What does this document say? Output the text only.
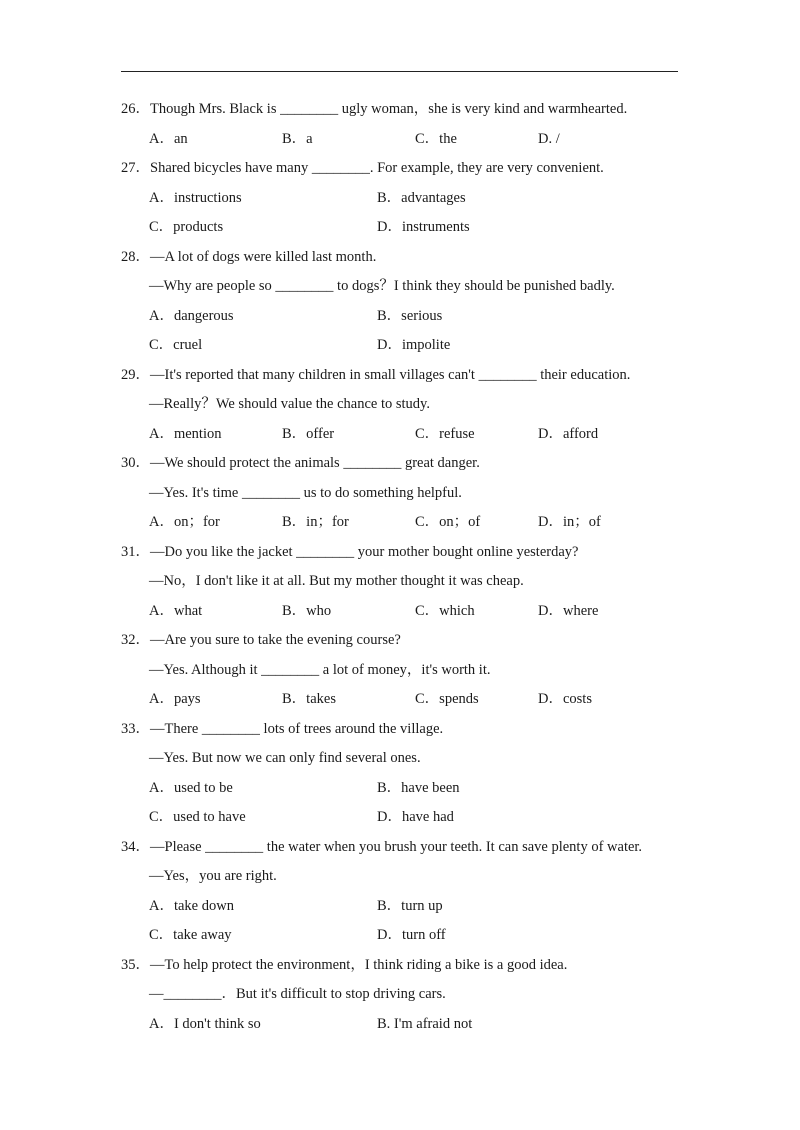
26．Though Mrs. Black is ________ ugly woman，she is very kind and warmhearted.
A．an	B．a	C．the	D. /
27．Shared bicycles have many ________. For example, they are very convenient.
A．instructions	B．advantages
C．products	D．instruments
28．—A lot of dogs were killed last month.
—Why are people so ________ to dogs？I think they should be punished badly.
A．dangerous	B．serious
C．cruel	D．impolite
29．—It's reported that many children in small villages can't ________ their education.
—Really？We should value the chance to study.
A．mention	B．offer	C．refuse	D．afford
30．—We should protect the animals ________ great danger.
—Yes. It's time ________ us to do something helpful.
A．on；for	B．in；for	C．on；of	D．in；of
31．—Do you like the jacket ________ your mother bought online yesterday?
—No，I don't like it at all. But my mother thought it was cheap.
A．what	B．who	C．which	D．where
32．—Are you sure to take the evening course?
—Yes. Although it ________ a lot of money，it's worth it.
A．pays	B．takes	C．spends	D．costs
33．—There ________ lots of trees around the village.
—Yes. But now we can only find several ones.
A．used to be	B．have been
C．used to have	D．have had
34．—Please ________ the water when you brush your teeth. It can save plenty of water.
—Yes，you are right.
A．take down	B．turn up
C．take away	D．turn off
35．—To help protect the environment，I think riding a bike is a good idea.
—________．But it's difficult to stop driving cars.
A．I don't think so	B. I'm afraid not
